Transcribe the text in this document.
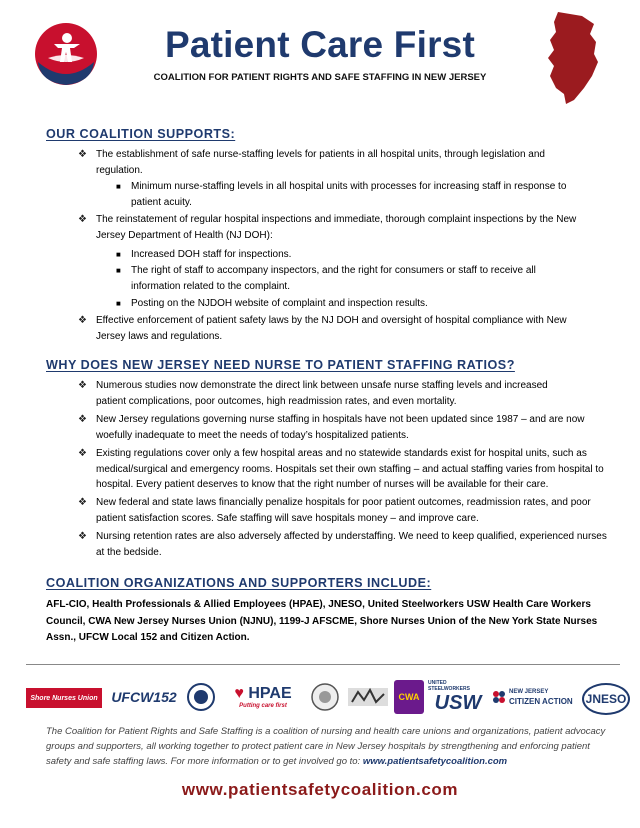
Patient Care First
COALITION FOR PATIENT RIGHTS AND SAFE STAFFING IN NEW JERSEY
OUR COALITION SUPPORTS:
❖ The establishment of safe nurse-staffing levels for patients in all hospital units, through legislation and regulation.
■ Minimum nurse-staffing levels in all hospital units with processes for increasing staff in response to patient acuity.
❖ The reinstatement of regular hospital inspections and immediate, thorough complaint inspections by the New Jersey Department of Health (NJ DOH):
■ Increased DOH staff for inspections.
■ The right of staff to accompany inspectors, and the right for consumers or staff to receive all information related to the complaint.
■ Posting on the NJDOH website of complaint and inspection results.
❖ Effective enforcement of patient safety laws by the NJ DOH and oversight of hospital compliance with New Jersey laws and regulations.
WHY DOES NEW JERSEY NEED NURSE TO PATIENT STAFFING RATIOS?
❖ Numerous studies now demonstrate the direct link between unsafe nurse staffing levels and increased patient complications, poor outcomes, high readmission rates, and even mortality.
❖ New Jersey regulations governing nurse staffing in hospitals have not been updated since 1987 – and are now woefully inadequate to meet the needs of today’s hospitalized patients.
❖ Existing regulations cover only a few hospital areas and no statewide standards exist for hospital units, such as medical/surgical and emergency rooms. Hospitals set their own staffing – and actual staffing varies from hospital to hospital. Every patient deserves to know that the right number of nurses will be available for their care.
❖ New federal and state laws financially penalize hospitals for poor patient outcomes, readmission rates, and poor patient satisfaction scores. Safe staffing will save hospitals money – and improve care.
❖ Nursing retention rates are also adversely affected by understaffing. We need to keep qualified, experienced nurses at the bedside.
COALITION ORGANIZATIONS AND SUPPORTERS INCLUDE:
AFL-CIO, Health Professionals & Allied Employees (HPAE), JNESO, United Steelworkers USW Health Care Workers Council, CWA New Jersey Nurses Union (NJNU), 1199-J AFSCME, Shore Nurses Union of the New York State Nurses Assn., UFCW Local 152 and Citizen Action.
Shore Nurses Union UFCW152	♥ HPAE
Putting care first
CWA
UNITED STEELWORKERS
USW	NEW JERSEY
CITIZEN ACTION	JNESO
The Coalition for Patient Rights and Safe Staffing is a coalition of nursing and health care unions and organizations, patient advocacy groups and supporters, all working together to protect patient care in New Jersey hospitals by strengthening and enforcing patient safety and safe staffing laws. For more information or to get involved go to: www.patientsafetycoalition.com
www.patientsafetycoalition.com
